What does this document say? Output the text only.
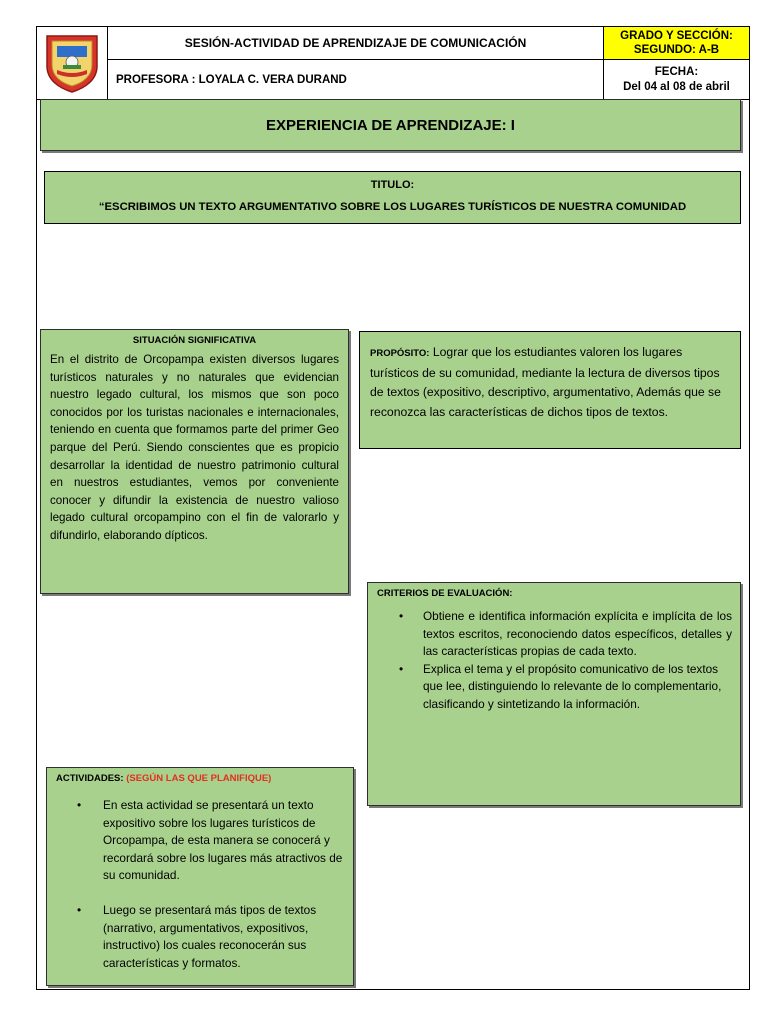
SESIÓN-ACTIVIDAD DE APRENDIZAJE DE COMUNICACIÓN
PROFESORA : LOYALA C. VERA DURAND
GRADO Y SECCIÓN:
SEGUNDO: A-B
FECHA:
Del 04 al 08 de abril
EXPERIENCIA DE APRENDIZAJE: I

TITULO:

“ESCRIBIMOS UN TEXTO ARGUMENTATIVO SOBRE LOS LUGARES TURÍSTICOS DE NUESTRA COMUNIDAD

SITUACIÓN SIGNIFICATIVA

En el distrito de Orcopampa existen diversos lugares turísticos naturales y no naturales que evidencian nuestro legado cultural, los mismos que son poco conocidos por los turistas nacionales e internacionales, teniendo en cuenta que formamos parte del primer Geo parque del Perú. Siendo conscientes que es propicio desarrollar la identidad de nuestro patrimonio cultural en nuestros estudiantes, vemos por conveniente conocer y difundir la existencia de nuestro valioso legado cultural orcopampino con el fin de valorarlo y difundirlo, elaborando dípticos.

PROPÓSITO: Lograr que los estudiantes valoren los lugares turísticos de su comunidad, mediante la lectura de diversos tipos de textos (expositivo, descriptivo, argumentativo, Además que se reconozca las características de dichos tipos de textos.

CRITERIOS DE EVALUACIÓN:

• Obtiene e identifica información explícita e implícita de los textos escritos, reconociendo datos específicos, detalles y las características propias de cada texto.
• Explica el tema y el propósito comunicativo de los textos que lee, distinguiendo lo relevante de lo complementario, clasificando y sintetizando la información.

ACTIVIDADES: (SEGÚN LAS QUE PLANIFIQUE)

• En esta actividad se presentará un texto expositivo sobre los lugares turísticos de Orcopampa, de esta manera se conocerá y recordará sobre los lugares más atractivos de su comunidad.
• Luego se presentará más tipos de textos (narrativo, argumentativos, expositivos, instructivo) los cuales reconocerán sus características y formatos.
